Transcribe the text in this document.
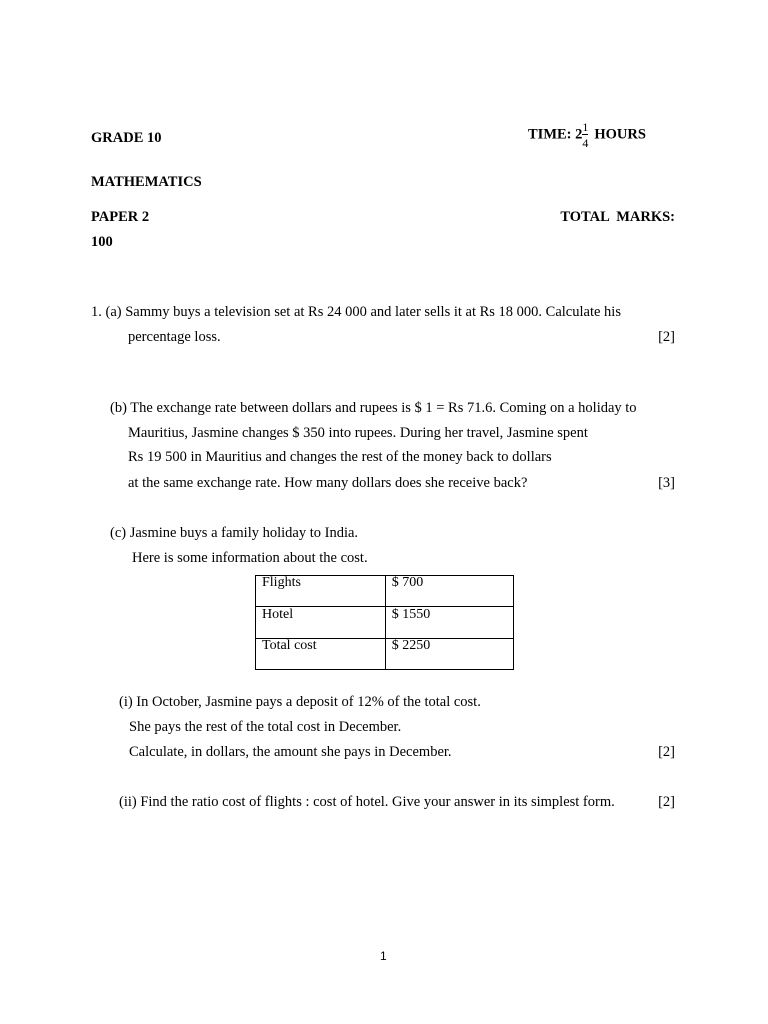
GRADE 10	TIME: $2 \frac{1}{4}$ HOURS
MATHEMATICS
PAPER 2	TOTAL  MARKS:
100
1. (a) Sammy buys a television set at Rs 24 000 and later sells it at Rs 18 000. Calculate his
percentage loss.	[2]
(b) The exchange rate between dollars and rupees is $ 1 = Rs 71.6. Coming on a holiday to
Mauritius, Jasmine changes $ 350 into rupees. During her travel, Jasmine spent
Rs 19 500 in Mauritius and changes the rest of the money back to dollars
at the same exchange rate. How many dollars does she receive back?	[3]
(c) Jasmine buys a family holiday to India.
Here is some information about the cost.
Flights	$ 700
Hotel	$ 1550
Total cost	$ 2250
(i) In October, Jasmine pays a deposit of 12% of the total cost.
She pays the rest of the total cost in December.
Calculate, in dollars, the amount she pays in December.	[2]
(ii) Find the ratio cost of flights : cost of hotel. Give your answer in its simplest form.	[2]
1
